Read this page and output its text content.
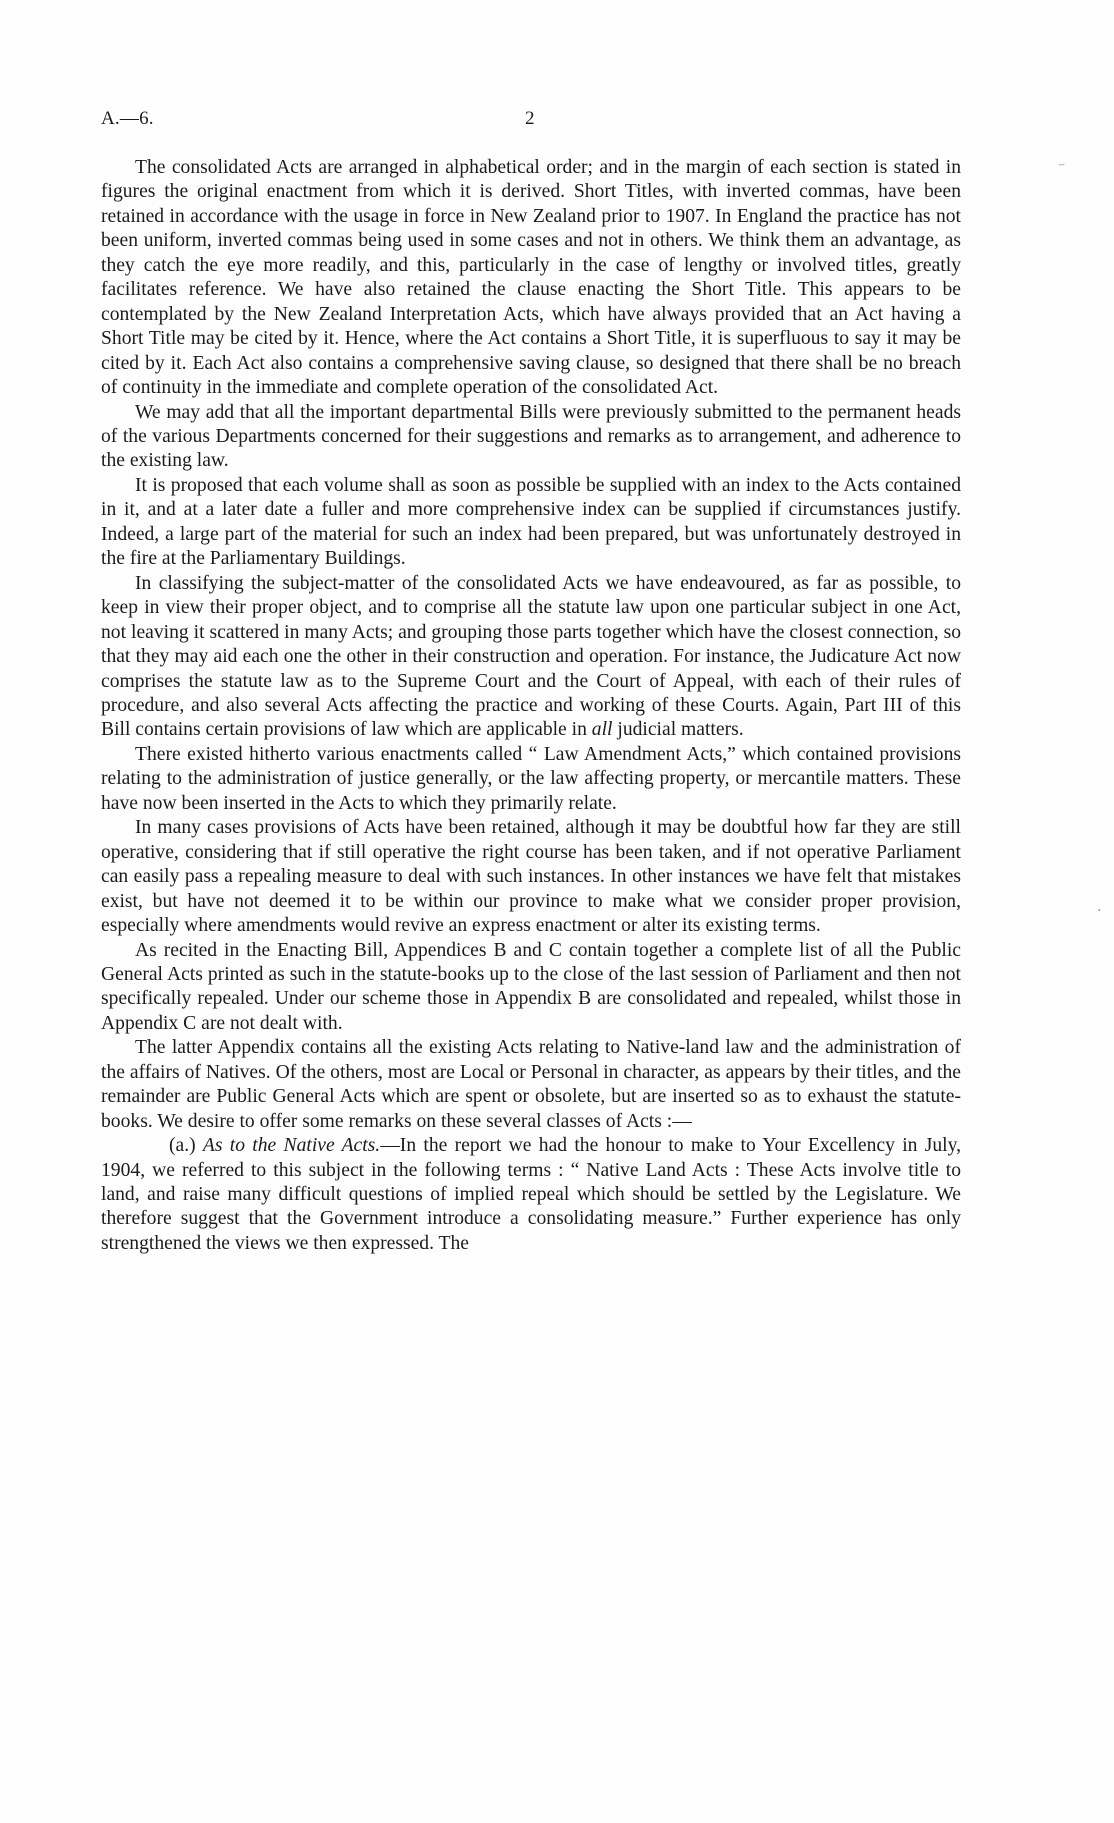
A.—6.	2

The consolidated Acts are arranged in alphabetical order; and in the margin of each section is stated in figures the original enactment from which it is derived. Short Titles, with inverted commas, have been retained in accordance with the usage in force in New Zealand prior to 1907. In England the practice has not been uniform, inverted commas being used in some cases and not in others. We think them an advantage, as they catch the eye more readily, and this, particularly in the case of lengthy or involved titles, greatly facilitates reference. We have also retained the clause enacting the Short Title. This appears to be contemplated by the New Zealand Interpretation Acts, which have always provided that an Act having a Short Title may be cited by it. Hence, where the Act contains a Short Title, it is superfluous to say it may be cited by it. Each Act also contains a comprehensive saving clause, so designed that there shall be no breach of continuity in the immediate and complete operation of the consolidated Act.

We may add that all the important departmental Bills were previously submitted to the permanent heads of the various Departments concerned for their suggestions and remarks as to arrangement, and adherence to the existing law.

It is proposed that each volume shall as soon as possible be supplied with an index to the Acts contained in it, and at a later date a fuller and more comprehensive index can be supplied if circumstances justify. Indeed, a large part of the material for such an index had been prepared, but was unfortunately destroyed in the fire at the Parliamentary Buildings.

In classifying the subject-matter of the consolidated Acts we have endeavoured, as far as possible, to keep in view their proper object, and to comprise all the statute law upon one particular subject in one Act, not leaving it scattered in many Acts; and grouping those parts together which have the closest connection, so that they may aid each one the other in their construction and operation. For instance, the Judicature Act now comprises the statute law as to the Supreme Court and the Court of Appeal, with each of their rules of procedure, and also several Acts affecting the practice and working of these Courts. Again, Part III of this Bill contains certain provisions of law which are applicable in all judicial matters.

There existed hitherto various enactments called “ Law Amendment Acts,” which contained provisions relating to the administration of justice generally, or the law affecting property, or mercantile matters. These have now been inserted in the Acts to which they primarily relate.

In many cases provisions of Acts have been retained, although it may be doubtful how far they are still operative, considering that if still operative the right course has been taken, and if not operative Parliament can easily pass a repealing measure to deal with such instances. In other instances we have felt that mistakes exist, but have not deemed it to be within our province to make what we consider proper provision, especially where amendments would revive an express enactment or alter its existing terms.

As recited in the Enacting Bill, Appendices B and C contain together a complete list of all the Public General Acts printed as such in the statute-books up to the close of the last session of Parliament and then not specifically repealed. Under our scheme those in Appendix B are consolidated and repealed, whilst those in Appendix C are not dealt with.

The latter Appendix contains all the existing Acts relating to Native-land law and the administration of the affairs of Natives. Of the others, most are Local or Personal in character, as appears by their titles, and the remainder are Public General Acts which are spent or obsolete, but are inserted so as to exhaust the statute-books. We desire to offer some remarks on these several classes of Acts :—

(a.) As to the Native Acts.—In the report we had the honour to make to Your Excellency in July, 1904, we referred to this subject in the following terms : “ Native Land Acts : These Acts involve title to land, and raise many difficult questions of implied repeal which should be settled by the Legislature. We therefore suggest that the Government introduce a consolidating measure.” Further experience has only strengthened the views we then expressed. The

⁻
·
